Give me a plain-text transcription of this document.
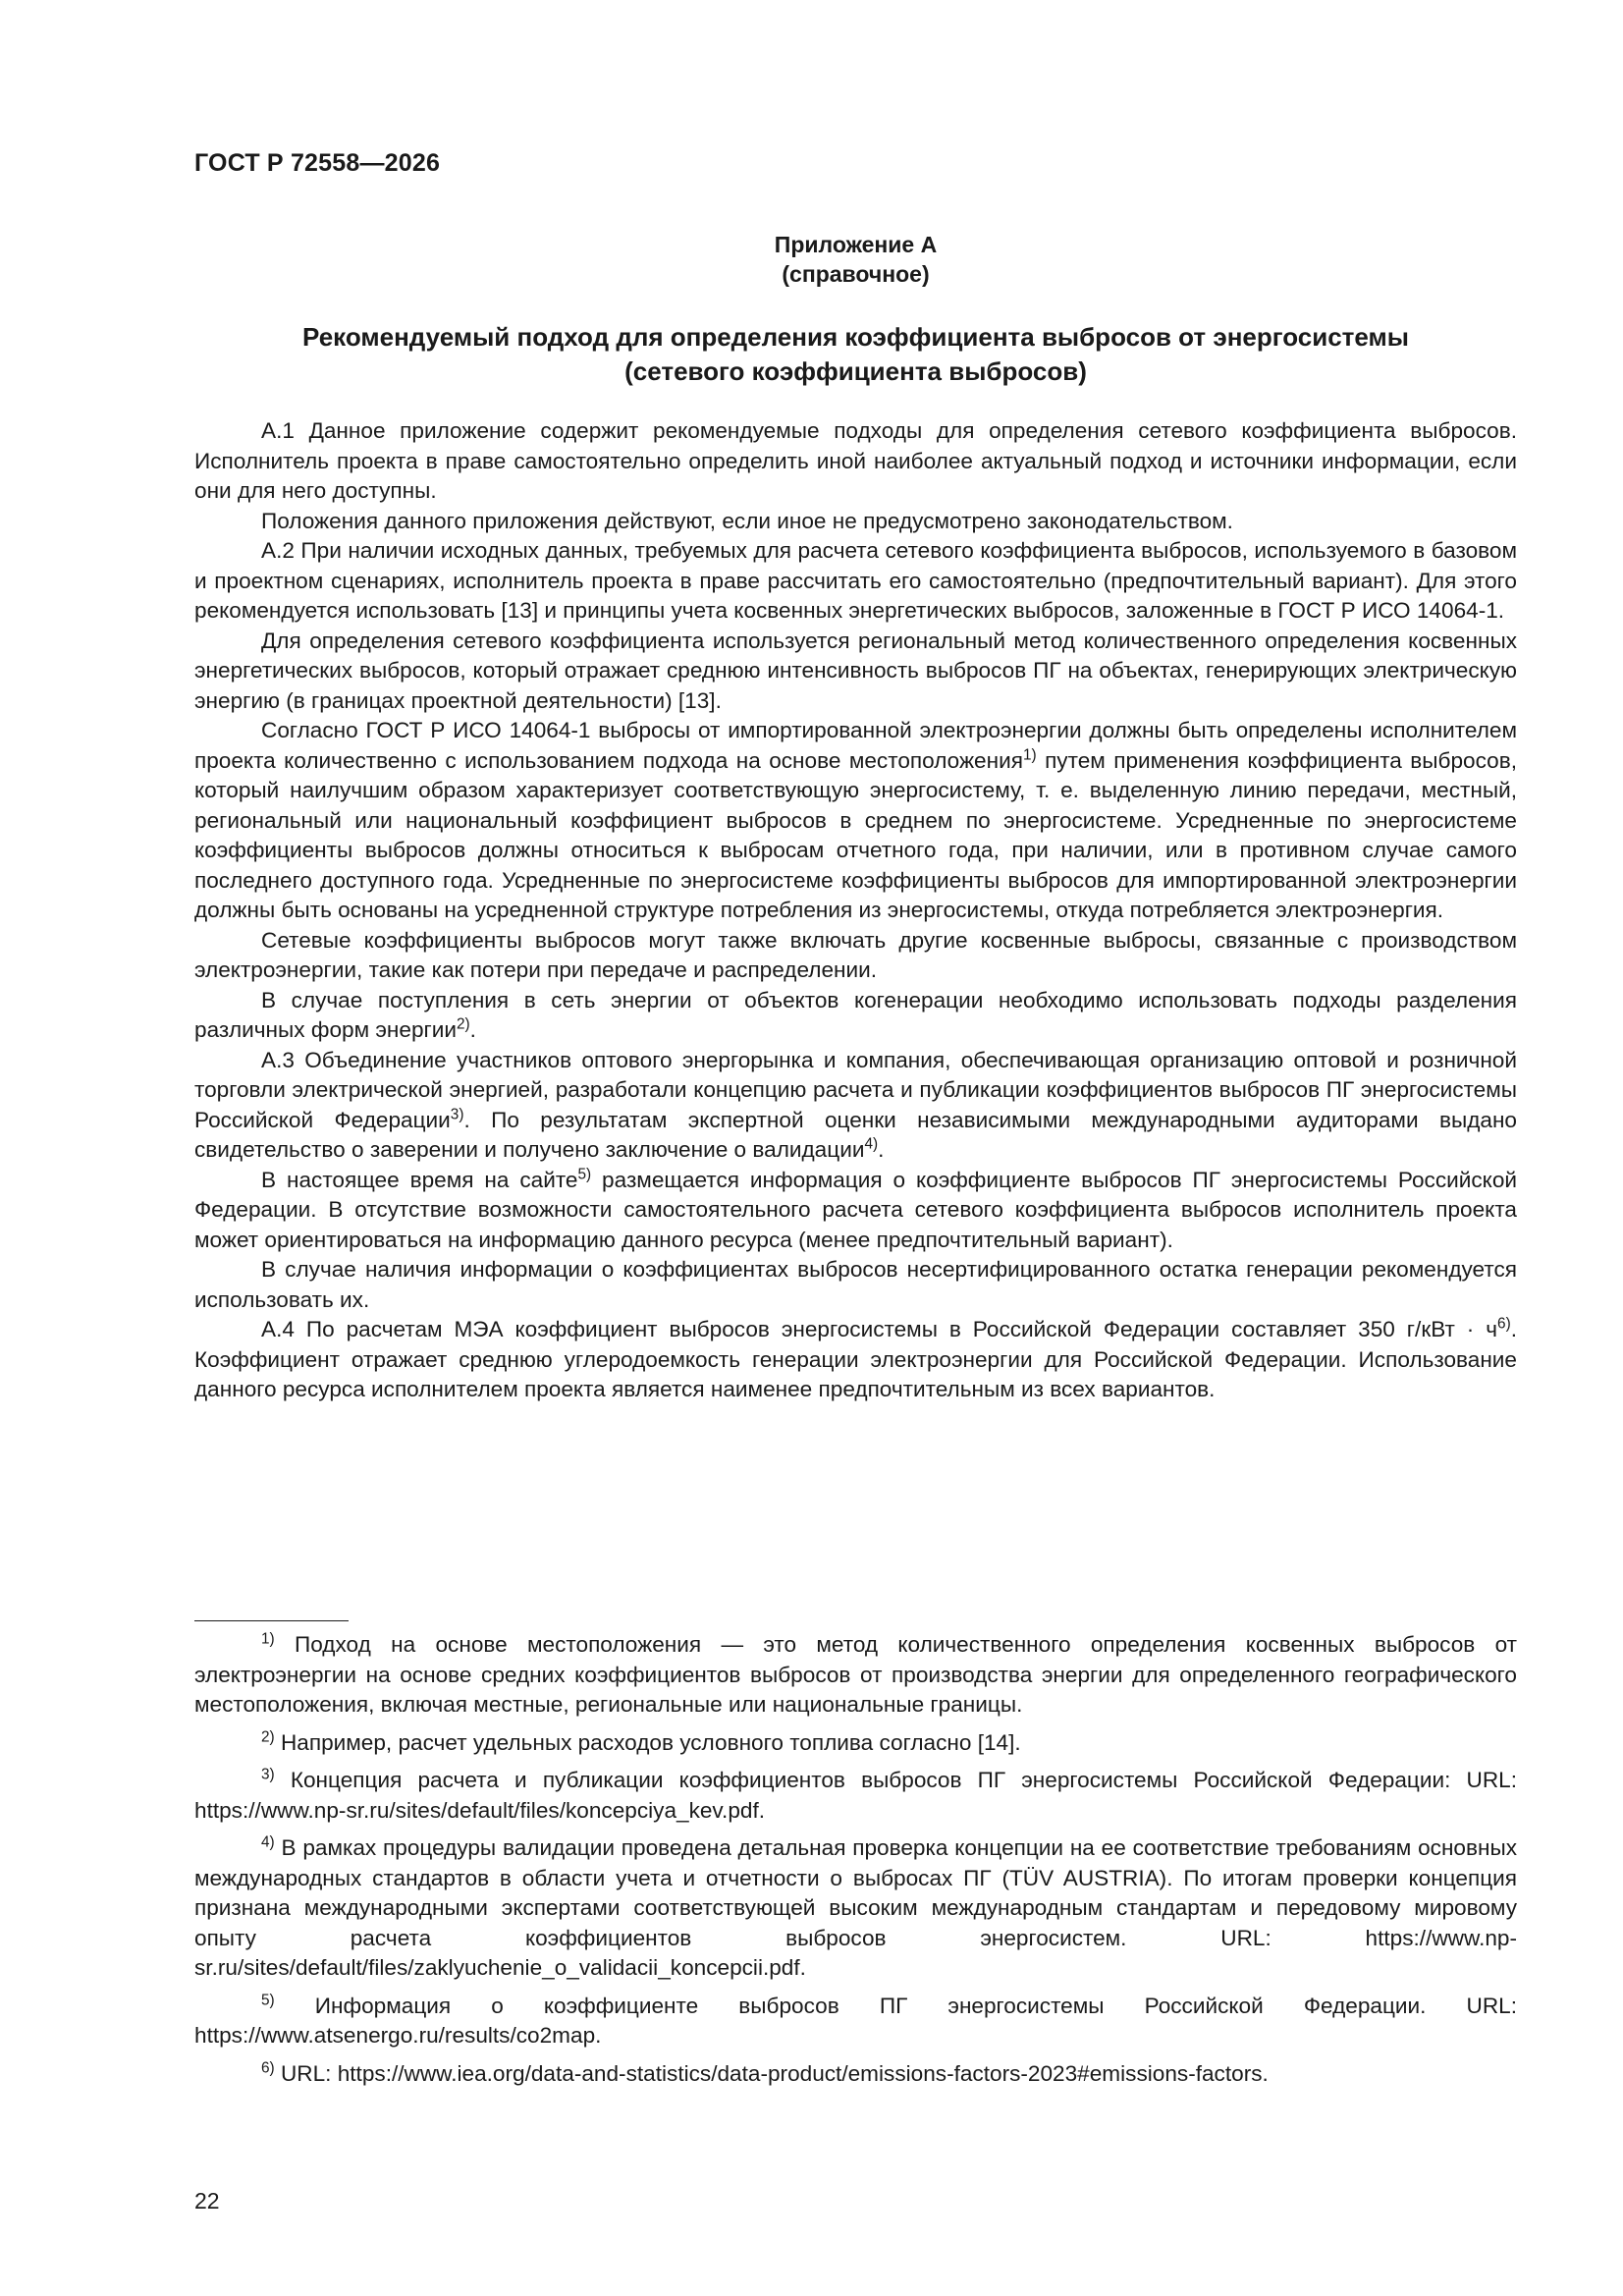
ГОСТ Р 72558—2026
Приложение А
(справочное)
Рекомендуемый подход для определения коэффициента выбросов от энергосистемы
(сетевого коэффициента выбросов)

А.1 Данное приложение содержит рекомендуемые подходы для определения сетевого коэффициента выбросов. Исполнитель проекта в праве самостоятельно определить иной наиболее актуальный подход и источники информации, если они для него доступны.

Положения данного приложения действуют, если иное не предусмотрено законодательством.

А.2 При наличии исходных данных, требуемых для расчета сетевого коэффициента выбросов, используемого в базовом и проектном сценариях, исполнитель проекта в праве рассчитать его самостоятельно (предпочтительный вариант). Для этого рекомендуется использовать [13] и принципы учета косвенных энергетических выбросов, заложенные в ГОСТ Р ИСО 14064-1.

Для определения сетевого коэффициента используется региональный метод количественного определения косвенных энергетических выбросов, который отражает среднюю интенсивность выбросов ПГ на объектах, генерирующих электрическую энергию (в границах проектной деятельности) [13].

Согласно ГОСТ Р ИСО 14064-1 выбросы от импортированной электроэнергии должны быть определены исполнителем проекта количественно с использованием подхода на основе местоположения$^{1)}$ путем применения коэффициента выбросов, который наилучшим образом характеризует соответствующую энергосистему, т. е. выделенную линию передачи, местный, региональный или национальный коэффициент выбросов в среднем по энергосистеме. Усредненные по энергосистеме коэффициенты выбросов должны относиться к выбросам отчетного года, при наличии, или в противном случае самого последнего доступного года. Усредненные по энергосистеме коэффициенты выбросов для импортированной электроэнергии должны быть основаны на усредненной структуре потребления из энергосистемы, откуда потребляется электроэнергия.

Сетевые коэффициенты выбросов могут также включать другие косвенные выбросы, связанные с производством электроэнергии, такие как потери при передаче и распределении.

В случае поступления в сеть энергии от объектов когенерации необходимо использовать подходы разделения различных форм энергии$^{2)}$.

А.3 Объединение участников оптового энергорынка и компания, обеспечивающая организацию оптовой и розничной торговли электрической энергией, разработали концепцию расчета и публикации коэффициентов выбросов ПГ энергосистемы Российской Федерации$^{3)}$. По результатам экспертной оценки независимыми международными аудиторами выдано свидетельство о заверении и получено заключение о валидации$^{4)}$.

В настоящее время на сайте$^{5)}$ размещается информация о коэффициенте выбросов ПГ энергосистемы Российской Федерации. В отсутствие возможности самостоятельного расчета сетевого коэффициента выбросов исполнитель проекта может ориентироваться на информацию данного ресурса (менее предпочтительный вариант).

В случае наличия информации о коэффициентах выбросов несертифицированного остатка генерации рекомендуется использовать их.

А.4 По расчетам МЭА коэффициент выбросов энергосистемы в Российской Федерации составляет 350 $г/кВт \cdot ч^{6)}$. Коэффициент отражает среднюю углеродоемкость генерации электроэнергии для Российской Федерации. Использование данного ресурса исполнителем проекта является наименее предпочтительным из всех вариантов.

$^{1)}$ Подход на основе местоположения — это метод количественного определения косвенных выбросов от электроэнергии на основе средних коэффициентов выбросов от производства энергии для определенного географического местоположения, включая местные, региональные или национальные границы.

$^{2)}$ Например, расчет удельных расходов условного топлива согласно [14].

$^{3)}$ Концепция расчета и публикации коэффициентов выбросов ПГ энергосистемы Российской Федерации: URL: https://www.np-sr.ru/sites/default/files/koncepciya_kev.pdf.

$^{4)}$ В рамках процедуры валидации проведена детальная проверка концепции на ее соответствие требованиям основных международных стандартов в области учета и отчетности о выбросах ПГ (TÜV AUSTRIA). По итогам проверки концепция признана международными экспертами соответствующей высоким международным стандартам и передовому мировому опыту расчета коэффициентов выбросов энергосистем. URL: https://www.np-sr.ru/sites/default/files/zaklyuchenie_o_validacii_koncepcii.pdf.

$^{5)}$ Информация о коэффициенте выбросов ПГ энергосистемы Российской Федерации. URL: https://www.atsenergo.ru/results/co2map.

$^{6)}$ URL: https://www.iea.org/data-and-statistics/data-product/emissions-factors-2023#emissions-factors.

22
